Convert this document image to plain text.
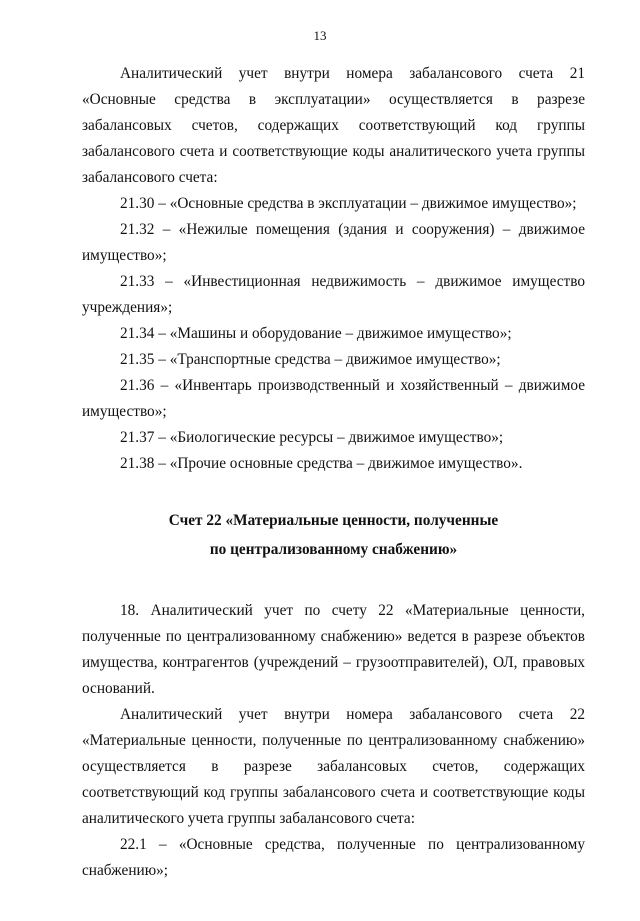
13

Аналитический учет внутри номера забалансового счета 21 «Основные средства в эксплуатации» осуществляется в разрезе забалансовых счетов, содержащих соответствующий код группы забалансового счета и соответствующие коды аналитического учета группы забалансового счета:

21.30 – «Основные средства в эксплуатации – движимое имущество»;

21.32 – «Нежилые помещения (здания и сооружения) – движимое имущество»;

21.33 – «Инвестиционная недвижимость – движимое имущество учреждения»;

21.34 – «Машины и оборудование – движимое имущество»;

21.35 – «Транспортные средства – движимое имущество»;

21.36 – «Инвентарь производственный и хозяйственный – движимое имущество»;

21.37 – «Биологические ресурсы – движимое имущество»;

21.38 – «Прочие основные средства – движимое имущество».

Счет 22 «Материальные ценности, полученные
по централизованному снабжению»

18. Аналитический учет по счету 22 «Материальные ценности, полученные по централизованному снабжению» ведется в разрезе объектов имущества, контрагентов (учреждений – грузоотправителей), ОЛ, правовых оснований.

Аналитический учет внутри номера забалансового счета 22 «Материальные ценности, полученные по централизованному снабжению» осуществляется в разрезе забалансовых счетов, содержащих соответствующий код группы забалансового счета и соответствующие коды аналитического учета группы забалансового счета:

22.1 – «Основные средства, полученные по централизованному снабжению»;
